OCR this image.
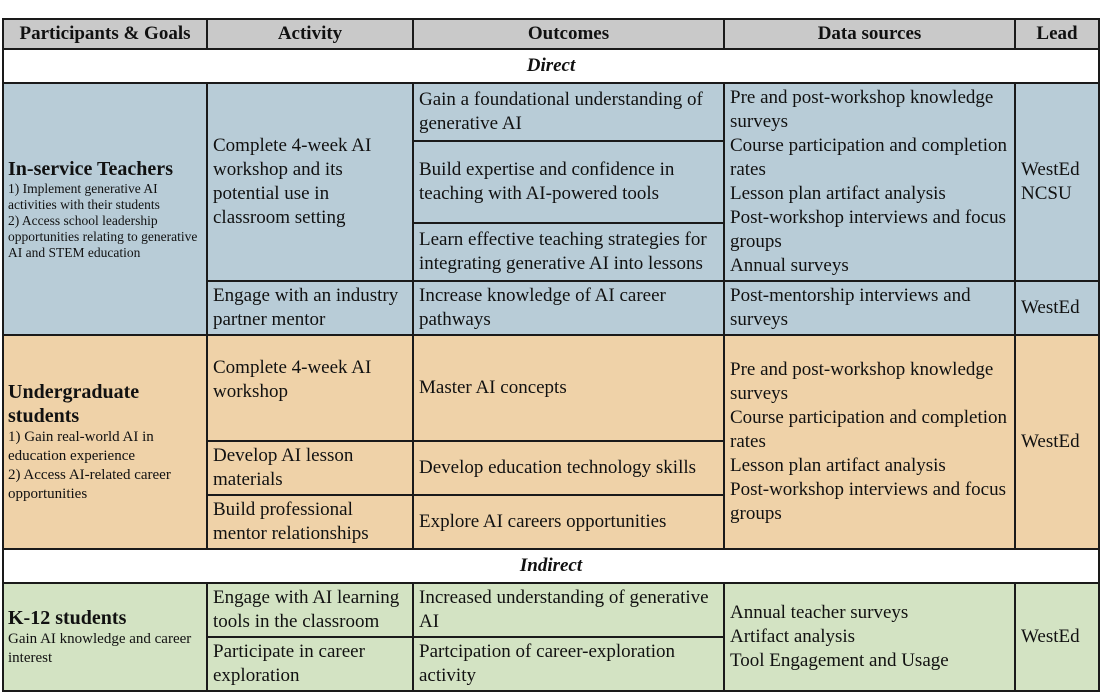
Participants & Goals	Activity	Outcomes	Data sources	Lead
Direct				

In-service Teachers
1) Implement generative AI activities with their students
2) Access school leadership opportunities relating to generative AI and STEM education	Complete 4-week AI workshop and its potential use in classroom setting	Gain a foundational understanding of generative AI	Pre and post-workshop knowledge surveys
Course participation and completion rates
Lesson plan artifact analysis
Post-workshop interviews and focus groups
Annual surveys	WestEd
NCSU
		Build expertise and confidence in teaching with AI-powered tools		
		Learn effective teaching strategies for integrating generative AI into lessons		
	Engage with an industry partner mentor	Increase knowledge of AI career pathways	Post-mentorship interviews and surveys	WestEd

Undergraduate students
1) Gain real-world AI in education experience
2) Access AI-related career opportunities	Complete 4-week AI workshop	Master AI concepts	Pre and post-workshop knowledge surveys
Course participation and completion rates
Lesson plan artifact analysis
Post-workshop interviews and focus groups	WestEd
	Develop AI lesson materials	Develop education technology skills		
	Build professional mentor relationships	Explore AI careers opportunities		
Indirect				

K-12 students
Gain AI knowledge and career interest	Engage with AI learning tools in the classroom	Increased understanding of generative AI	Annual teacher surveys
Artifact analysis
Tool Engagement and Usage	WestEd
	Participate in career exploration	Partcipation of career-exploration activity		
